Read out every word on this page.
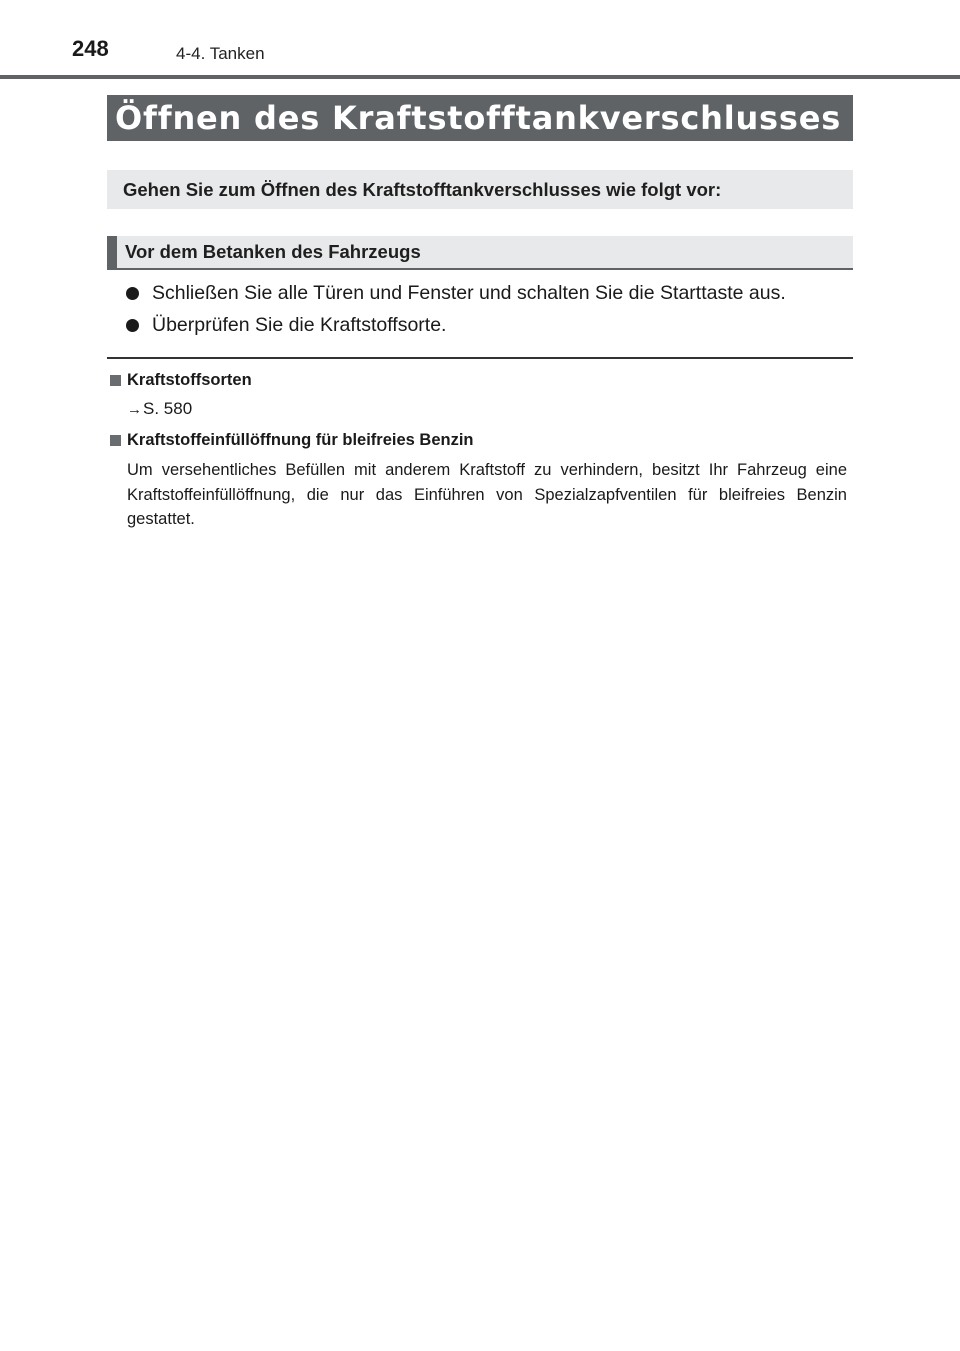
248	4-4. Tanken
Öffnen des Kraftstofftankverschlusses
Gehen Sie zum Öffnen des Kraftstofftankverschlusses wie folgt vor:
Vor dem Betanken des Fahrzeugs
Schließen Sie alle Türen und Fenster und schalten Sie die Starttaste aus.
Überprüfen Sie die Kraftstoffsorte.
Kraftstoffsorten
→ S. 580
Kraftstoffeinfüllöffnung für bleifreies Benzin

Um versehentliches Befüllen mit anderem Kraftstoff zu verhindern, besitzt Ihr Fahrzeug eine Kraftstoffeinfüllöffnung, die nur das Einführen von Spezialzapfventilen für bleifreies Benzin gestattet.
